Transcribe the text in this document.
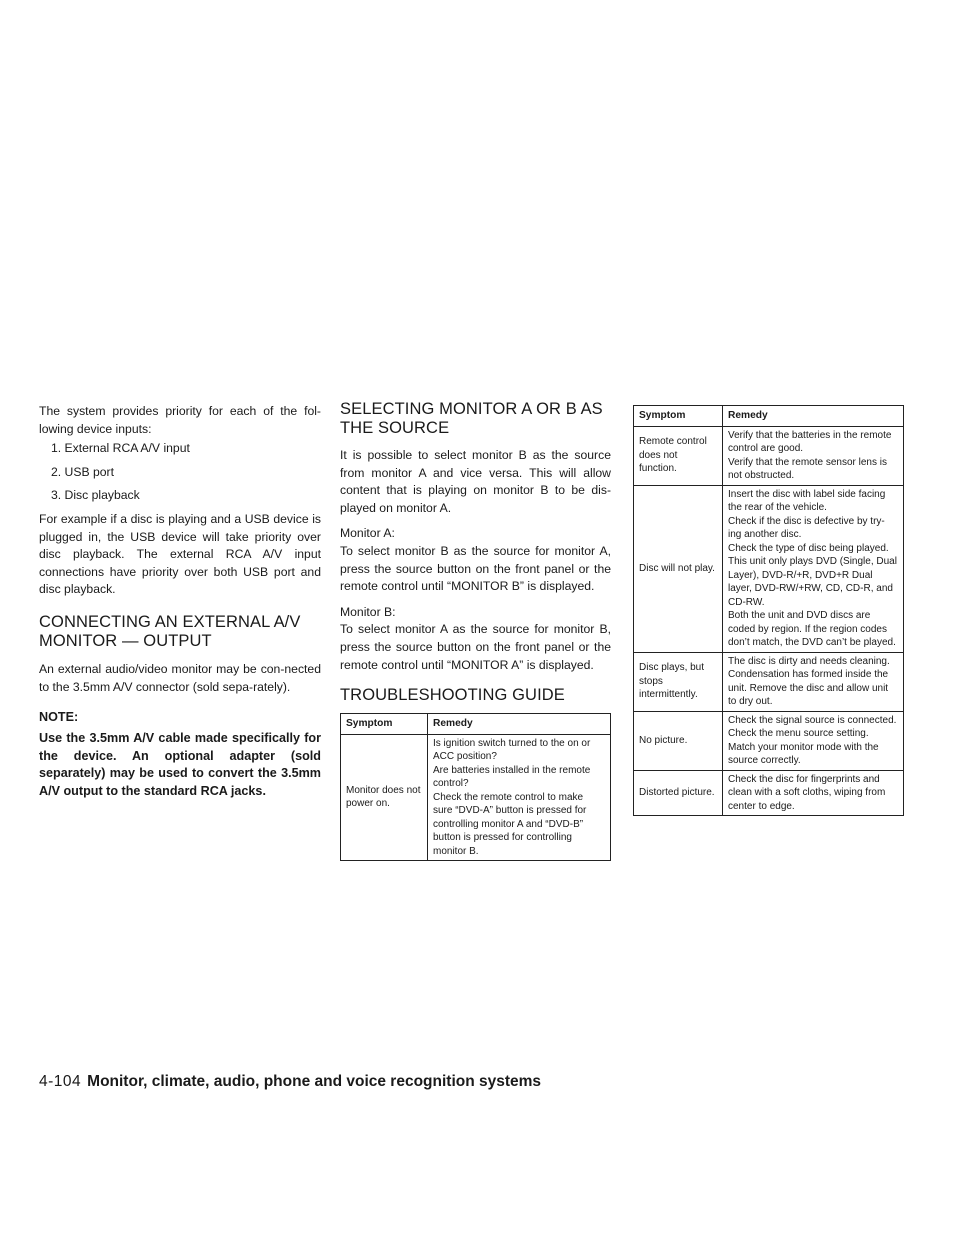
The system provides priority for each of the fol-lowing device inputs:

1. External RCA A/V input
2. USB port
3. Disc playback

For example if a disc is playing and a USB device is plugged in, the USB device will take priority over disc playback. The external RCA A/V input connections have priority over both USB port and disc playback.

CONNECTING AN EXTERNAL A/V
MONITOR — OUTPUT

An external audio/video monitor may be con-nected to the 3.5mm A/V connector (sold sepa-rately).

NOTE:

Use the 3.5mm A/V cable made specifically for the device. An optional adapter (sold separately) may be used to convert the 3.5mm A/V output to the standard RCA jacks.

SELECTING MONITOR A OR B AS
THE SOURCE

It is possible to select monitor B as the source from monitor A and vice versa. This will allow content that is playing on monitor B to be dis-played on monitor A.

Monitor A:

To select monitor B as the source for monitor A, press the source button on the front panel or the remote control until “MONITOR B” is displayed.

Monitor B:

To select monitor A as the source for monitor B, press the source button on the front panel or the remote control until “MONITOR A” is displayed.

TROUBLESHOOTING GUIDE
Symptom	Remedy
Monitor does not power on.	Is ignition switch turned to the on or ACC position?
Are batteries installed in the remote control?
Check the remote control to make sure “DVD-A” button is pressed for controlling monitor A and “DVD-B” button is pressed for controlling monitor B.
Symptom	Remedy
Remote control does not function.	Verify that the batteries in the remote control are good.
Verify that the remote sensor lens is not obstructed.

Disc will not play.	Insert the disc with label side facing the rear of the vehicle.
Check if the disc is defective by try-ing another disc.
Check the type of disc being played. This unit only plays DVD (Single, Dual Layer), DVD-R/+R, DVD+R Dual layer, DVD-RW/+RW, CD, CD-R, and CD-RW.
Both the unit and DVD discs are coded by region. If the region codes don’t match, the DVD can’t be played.

Disc plays, but stops intermittently.	The disc is dirty and needs cleaning.
Condensation has formed inside the unit. Remove the disc and allow unit to dry out.

No picture.	Check the signal source is connected.
Check the menu source setting.
Match your monitor mode with the source correctly.

Distorted picture.	Check the disc for fingerprints and clean with a soft cloths, wiping from center to edge.
4-104 Monitor, climate, audio, phone and voice recognition systems
